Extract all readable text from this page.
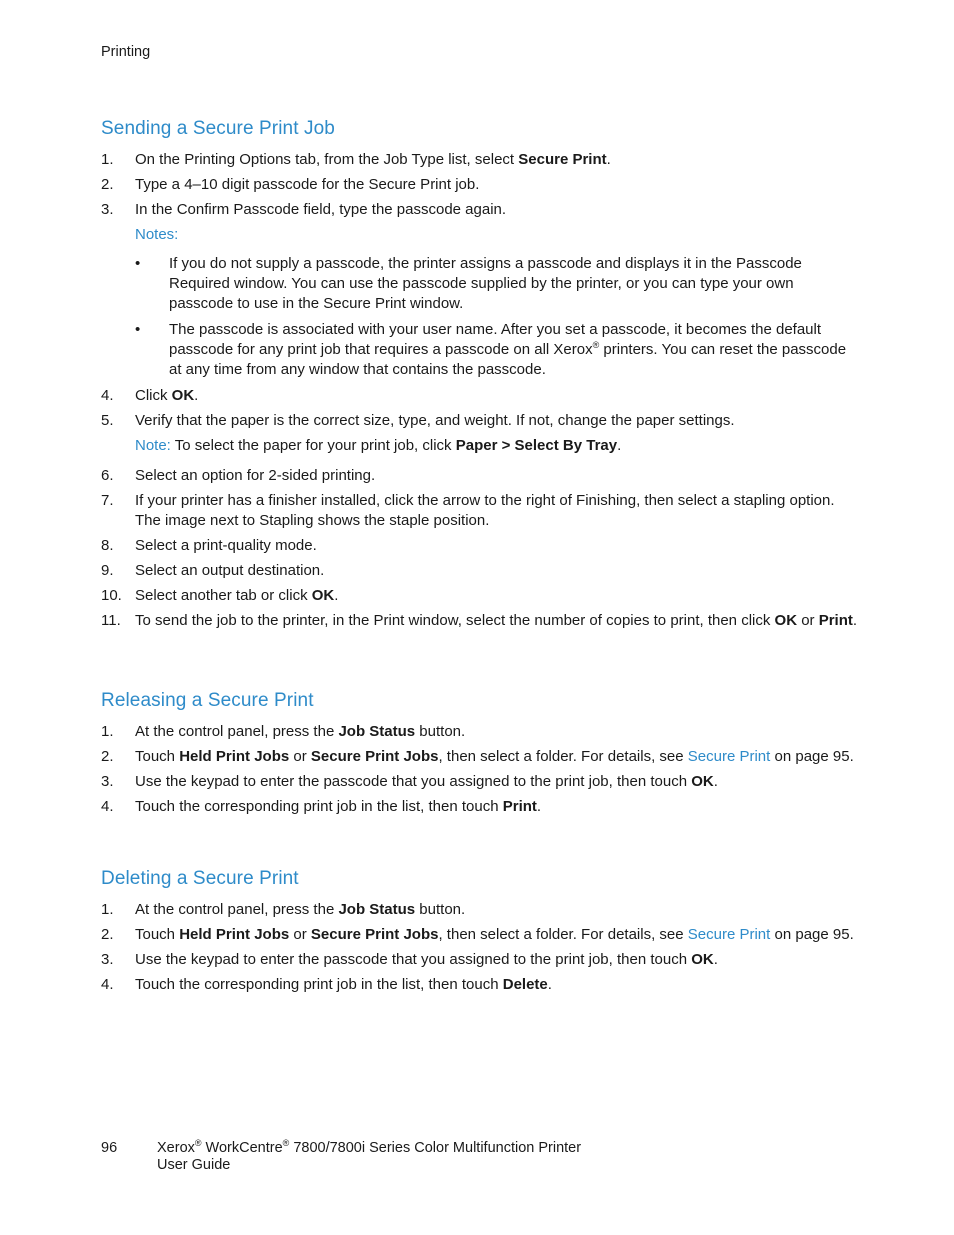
Printing
Sending a Secure Print Job
1.	On the Printing Options tab, from the Job Type list, select Secure Print.
2.	Type a 4–10 digit passcode for the Secure Print job.
3.	In the Confirm Passcode field, type the passcode again.
Notes:
•	If you do not supply a passcode, the printer assigns a passcode and displays it in the Passcode Required window. You can use the passcode supplied by the printer, or you can type your own passcode to use in the Secure Print window.
•	The passcode is associated with your user name. After you set a passcode, it becomes the default passcode for any print job that requires a passcode on all Xerox® printers. You can reset the passcode at any time from any window that contains the passcode.
4.	Click OK.
5.	Verify that the paper is the correct size, type, and weight. If not, change the paper settings.
Note: To select the paper for your print job, click Paper > Select By Tray.
6.	Select an option for 2-sided printing.
7.	If your printer has a finisher installed, click the arrow to the right of Finishing, then select a stapling option. The image next to Stapling shows the staple position.
8.	Select a print-quality mode.
9.	Select an output destination.
10. Select another tab or click OK.
11. To send the job to the printer, in the Print window, select the number of copies to print, then click OK or Print.
Releasing a Secure Print
1.	At the control panel, press the Job Status button.
2.	Touch Held Print Jobs or Secure Print Jobs, then select a folder. For details, see Secure Print on page 95.
3.	Use the keypad to enter the passcode that you assigned to the print job, then touch OK.
4.	Touch the corresponding print job in the list, then touch Print.
Deleting a Secure Print
1.	At the control panel, press the Job Status button.
2.	Touch Held Print Jobs or Secure Print Jobs, then select a folder. For details, see Secure Print on page 95.
3.	Use the keypad to enter the passcode that you assigned to the print job, then touch OK.
4.	Touch the corresponding print job in the list, then touch Delete.
96	Xerox® WorkCentre® 7800/7800i Series Color Multifunction Printer
User Guide
